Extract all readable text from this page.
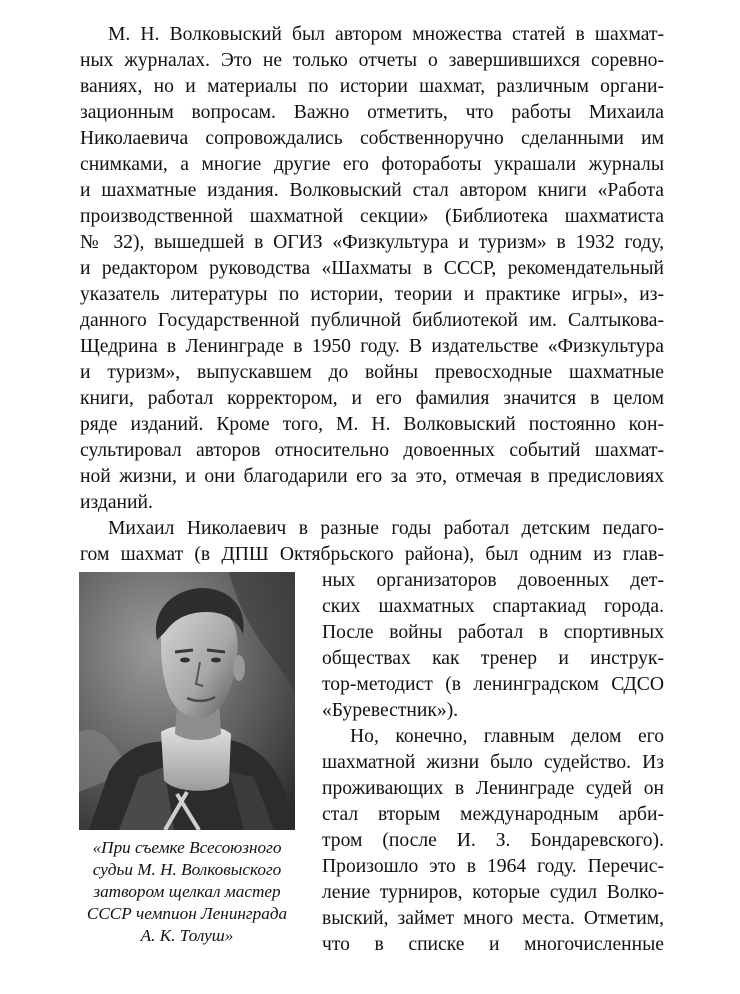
М. Н. Волковыский был автором множества статей в шахмат-
ных журналах. Это не только отчеты о завершившихся соревно-
ваниях, но и материалы по истории шахмат, различным органи-
зационным вопросам. Важно отметить, что работы Михаила
Николаевича сопровождались собственноручно сделанными им
снимками, а многие другие его фотоработы украшали журналы
и шахматные издания. Волковыский стал автором книги «Работа
производственной шахматной секции» (Библиотека шахматиста
№ 32), вышедшей в ОГИЗ «Физкультура и туризм» в 1932 году,
и редактором руководства «Шахматы в СССР, рекомендательный
указатель литературы по истории, теории и практике игры», из-
данного Государственной публичной библиотекой им. Салтыкова-
Щедрина в Ленинграде в 1950 году. В издательстве «Физкультура
и туризм», выпускавшем до войны превосходные шахматные
книги, работал корректором, и его фамилия значится в целом
ряде изданий. Кроме того, М. Н. Волковыский постоянно кон-
сультировал авторов относительно довоенных событий шахмат-
ной жизни, и они благодарили его за это, отмечая в предисловиях
изданий.
Михаил Николаевич в разные годы работал детским педаго-
гом шахмат (в ДПШ Октябрьского района), был одним из глав-
ных организаторов довоенных дет-
ских шахматных спартакиад города.
После войны работал в спортивных
обществах как тренер и инструк-
тор-методист (в ленинградском СДСО
«Буревестник»).
Но, конечно, главным делом его
шахматной жизни было судейство. Из
проживающих в Ленинграде судей он
стал вторым международным арби-
тром (после И. З. Бондаревского).
Произошло это в 1964 году. Перечис-
ление турниров, которые судил Волко-
выский, займет много места. Отметим,
что в списке и многочисленные
«При съемке Всесоюзного
судьи М. Н. Волковыского
затвором щелкал мастер
СССР чемпион Ленинграда
А. К. Толуш»
